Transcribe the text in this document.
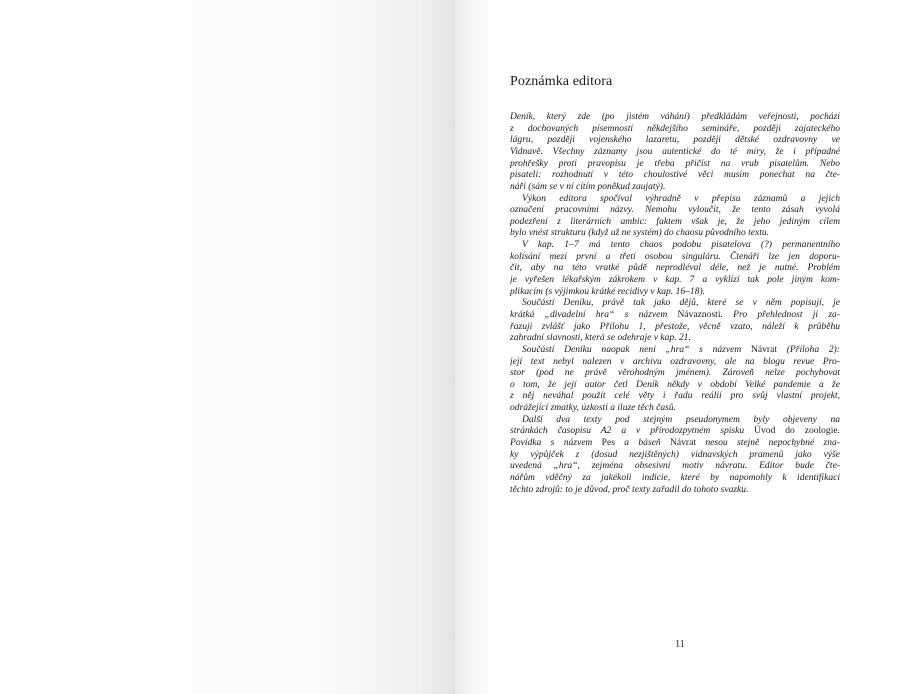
Poznámka editora
Deník, který zde (po jistém váhání) předkládám veřejnosti, pochází
z dochovaných písemností někdejšího semináře, později zajateckého
lágru, později vojenského lazaretu, později dětské ozdravovny ve
Vidnavě. Všechny záznamy jsou autentické do té míry, že i případné
prohřešky proti pravopisu je třeba přičíst na vrub pisatelům. Nebo
pisateli: rozhodnutí v této choulostivé věci musím ponechat na čte-
náři (sám se v ní cítím poněkud zaujatý).
Výkon editora spočíval výhradně v přepisu záznamů a jejich
označení pracovními názvy. Nemohu vyloučit, že tento zásah vyvolá
podezření z literárních ambic: faktem však je, že jeho jediným cílem
bylo vnést strukturu (když už ne systém) do chaosu původního textu.
V kap. 1–7 má tento chaos podobu pisatelova (?) permanentního
kolísání mezi první a třetí osobou singuláru. Čtenáři lze jen doporu-
čit, aby na této vratké půdě neprodléval déle, než je nutné. Problém
je vyřešen lékařským zákrokem v kap. 7 a vyklízí tak pole jiným kom-
plikacím (s výjimkou krátké recidivy v kap. 16–18).
Součástí Deníku, právě tak jako dějů, které se v něm popisují, je
krátká „divadelní hra“ s názvem Návaznosti. Pro přehlednost ji za-
řazuji zvlášť jako Přílohu 1, přestože, věcně vzato, náleží k průběhu
zahradní slavnosti, která se odehraje v kap. 21.
Součástí Deníku naopak není „hra“ s názvem Návrat (Příloha 2):
její text nebyl nalezen v archivu ozdravovny, ale na blogu revue Pro-
stor (pod ne právě věrohodným jménem). Zároveň nelze pochybovat
o tom, že její autor četl Deník někdy v období Velké pandemie a že
z něj neváhal použít celé věty i řadu reálií pro svůj vlastní projekt,
odrážející zmatky, úzkosti a iluze těch časů.
Další dva texty pod stejným pseudonymem byly objeveny na
stránkách časopisu A2 a v přírodozpytném spisku Úvod do zoologie.
Povídka s názvem Pes a báseň Návrat nesou stejně nepochybné zna-
ky výpůjček z (dosud nezjištěných) vidnavských pramenů jako výše
uvedená „hra“, zejména obsesivní motiv návratu. Editor bude čte-
nářům vděčný za jakékoli indicie, které by napomohly k identifikaci
těchto zdrojů: to je důvod, proč texty zařadil do tohoto svazku.
11
